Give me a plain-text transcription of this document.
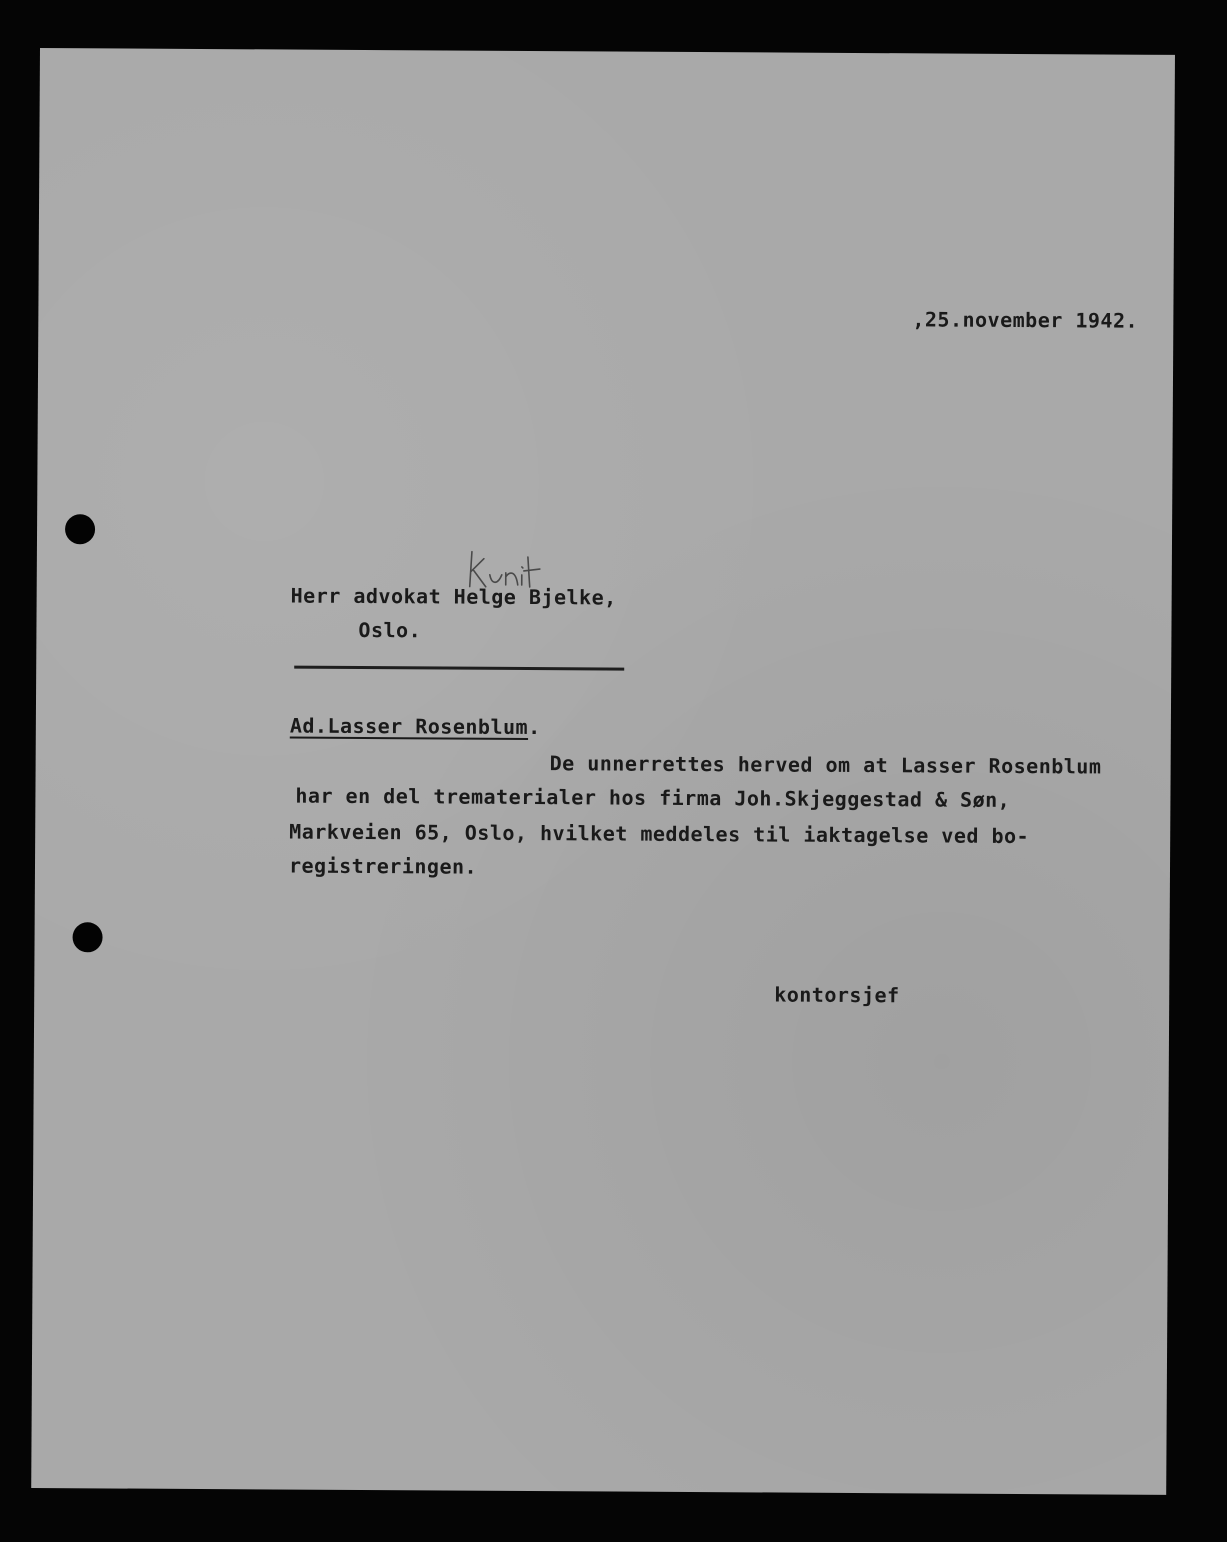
,25.november 1942.
Herr advokat Helge Bjelke,
Oslo.
Ad.Lasser Rosenblum.
De unnerrettes herved om at Lasser Rosenblum
har en del trematerialer hos firma Joh.Skjeggestad & Søn,
Markveien 65, Oslo, hvilket meddeles til iaktagelse ved bo-
registreringen.
kontorsjef
